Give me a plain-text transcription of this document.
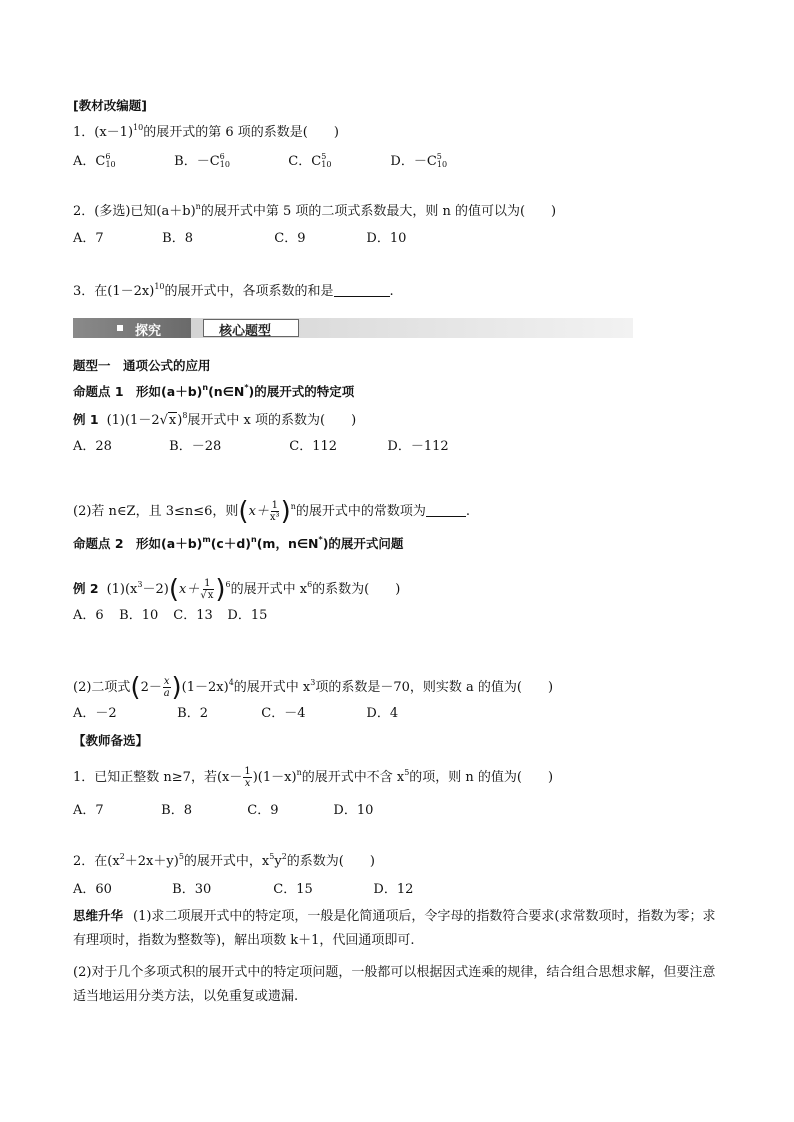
[教材改编题]
1．$(x-1)^{10}$的展开式的第 6 项的系数是(　　)
A．$C^6_{10}$	B．$-C^6_{10}$	C．$C^5_{10}$	D．$-C^5_{10}$
2．(多选)已知$(a+b)^n$的展开式中第 5 项的二项式系数最大，则 n 的值可以为(　　)
A．7	B．8	C．9	D．10
3．在$(1-2x)^{10}$的展开式中，各项系数的和是	.
探究	核心题型
题型一　通项公式的应用
命题点 1　形如$(a+b)^n(n\in N^*)$的展开式的特定项
例 1 $(1)(1-2√x)^8$展开式中 x 项的系数为(　　)
A．28	B．－28	C．112	D．－112
(2)若 n∈Z，且 3≤n≤6，则$(x+ \frac{1}{\text{x³}} )^n$的展开式中的常数项为	.
命题点 2　形如$(a+b)^m(c+d)^n(m$，n∈N*)的展开式问题
例 2 $(1)(x^3-2)(x+ \frac{1}{√x} )^6$的展开式中 $x^6$的系数为(　　)
A．6 B．10 C．13 D．15
(2)二项式$(2- \frac{x}{a} )(1-2x)^4$的展开式中 $x^3$项的系数是－70，则实数 a 的值为(　　)
A．－2	B．2	C．－4	D．4
【教师备选】
1．已知正整数 n≥7，若$(x- \frac{1}{x} )(1-x)^n$的展开式中不含 $x^5$的项，则 n 的值为(　　)
A．7	B．8	C．9	D．10
2．在$(x^2+2x+y)^5$的展开式中，$x^5y^2$的系数为(　　)
A．60	B．30	C．15	D．12
思维升华 (1)求二项展开式中的特定项，一般是化简通项后，令字母的指数符合要求(求常数项时，指数为零；求有理项时，指数为整数等)，解出项数 k＋1，代回通项即可.
(2)对于几个多项式积的展开式中的特定项问题，一般都可以根据因式连乘的规律，结合组合思想求解，但要注意适当地运用分类方法，以免重复或遗漏.
